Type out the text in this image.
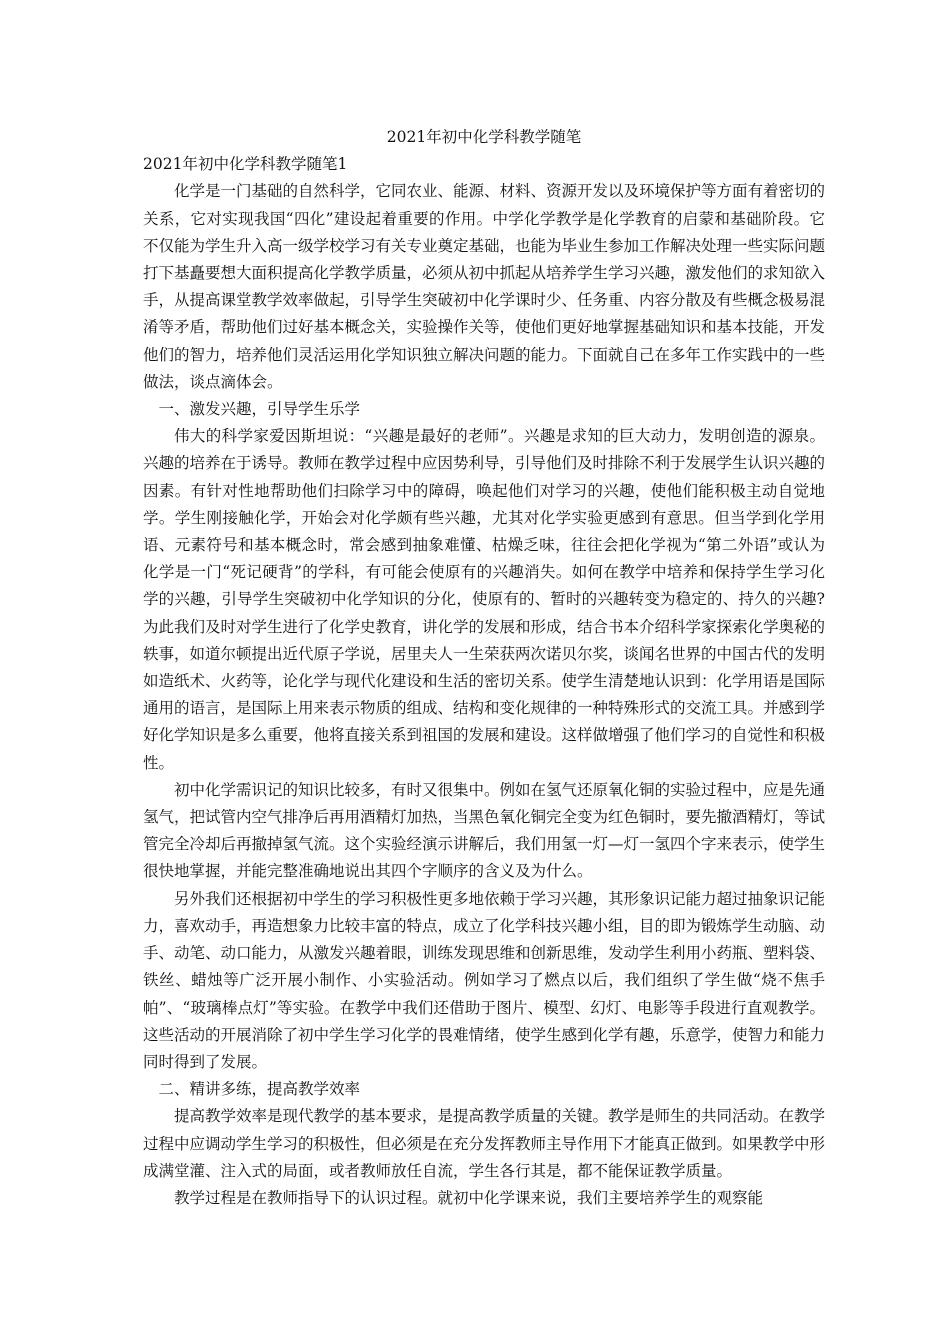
2021年初中化学科教学随笔

2021年初中化学科教学随笔1

化学是一门基础的自然科学，它同农业、能源、材料、资源开发以及环境保护等方面有着密切的关系，它对实现我国“四化”建设起着重要的作用。中学化学教学是化学教育的启蒙和基础阶段。它不仅能为学生升入高一级学校学习有关专业奠定基础，也能为毕业生参加工作解决处理一些实际问题打下基矗要想大面积提高化学教学质量，必须从初中抓起从培养学生学习兴趣，激发他们的求知欲入手，从提高课堂教学效率做起，引导学生突破初中化学课时少、任务重、内容分散及有些概念极易混淆等矛盾，帮助他们过好基本概念关，实验操作关等，使他们更好地掌握基础知识和基本技能，开发他们的智力，培养他们灵活运用化学知识独立解决问题的能力。下面就自己在多年工作实践中的一些做法，谈点滴体会。

一、激发兴趣，引导学生乐学

伟大的科学家爱因斯坦说：“兴趣是最好的老师”。兴趣是求知的巨大动力，发明创造的源泉。兴趣的培养在于诱导。教师在教学过程中应因势利导，引导他们及时排除不利于发展学生认识兴趣的因素。有针对性地帮助他们扫除学习中的障碍，唤起他们对学习的兴趣，使他们能积极主动自觉地学。学生刚接触化学，开始会对化学颇有些兴趣，尤其对化学实验更感到有意思。但当学到化学用语、元素符号和基本概念时，常会感到抽象难懂、枯燥乏味，往往会把化学视为“第二外语”或认为化学是一门“死记硬背”的学科，有可能会使原有的兴趣消失。如何在教学中培养和保持学生学习化学的兴趣，引导学生突破初中化学知识的分化，使原有的、暂时的兴趣转变为稳定的、持久的兴趣?为此我们及时对学生进行了化学史教育，讲化学的发展和形成，结合书本介绍科学家探索化学奥秘的轶事，如道尔顿提出近代原子学说，居里夫人一生荣获两次诺贝尔奖，谈闻名世界的中国古代的发明如造纸术、火药等，论化学与现代化建设和生活的密切关系。使学生清楚地认识到：化学用语是国际通用的语言，是国际上用来表示物质的组成、结构和变化规律的一种特殊形式的交流工具。并感到学好化学知识是多么重要，他将直接关系到祖国的发展和建设。这样做增强了他们学习的自觉性和积极性。

初中化学需识记的知识比较多，有时又很集中。例如在氢气还原氧化铜的实验过程中，应是先通氢气，把试管内空气排净后再用酒精灯加热，当黑色氧化铜完全变为红色铜时，要先撤酒精灯，等试管完全冷却后再撤掉氢气流。这个实验经演示讲解后，我们用氢一灯—灯一氢四个字来表示，使学生很快地掌握，并能完整准确地说出其四个字顺序的含义及为什么。

另外我们还根据初中学生的学习积极性更多地依赖于学习兴趣，其形象识记能力超过抽象识记能力，喜欢动手，再造想象力比较丰富的特点，成立了化学科技兴趣小组，目的即为锻炼学生动脑、动手、动笔、动口能力，从激发兴趣着眼，训练发现思维和创新思维，发动学生利用小药瓶、塑料袋、铁丝、蜡烛等广泛开展小制作、小实验活动。例如学习了燃点以后，我们组织了学生做“烧不焦手帕”、“玻璃棒点灯”等实验。在教学中我们还借助于图片、模型、幻灯、电影等手段进行直观教学。这些活动的开展消除了初中学生学习化学的畏难情绪，使学生感到化学有趣，乐意学，使智力和能力同时得到了发展。

二、精讲多练，提高教学效率

提高教学效率是现代教学的基本要求，是提高教学质量的关键。教学是师生的共同活动。在教学过程中应调动学生学习的积极性，但必须是在充分发挥教师主导作用下才能真正做到。如果教学中形成满堂灌、注入式的局面，或者教师放任自流，学生各行其是，都不能保证教学质量。

教学过程是在教师指导下的认识过程。就初中化学课来说，我们主要培养学生的观察能
